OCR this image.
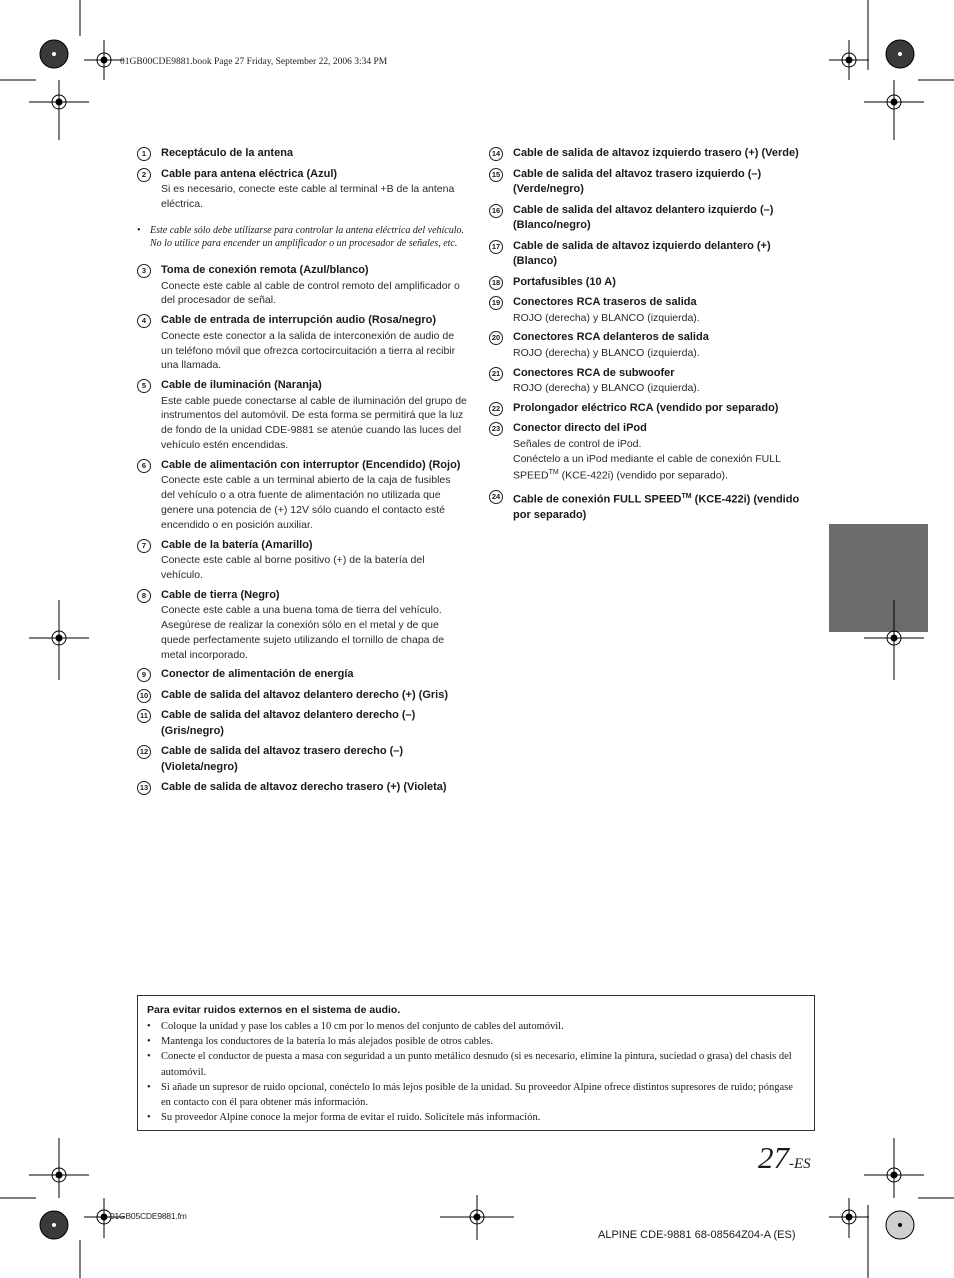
01GB00CDE9881.book Page 27 Friday, September 22, 2006 3:34 PM
1	Receptáculo de la antena
2	Cable para antena eléctrica (Azul)
Si es necesario, conecte este cable al terminal +B de la antena eléctrica.
• Este cable sólo debe utilizarse para controlar la antena eléctrica del vehículo. No lo utilice para encender un amplificador o un procesador de señales, etc.
3	Toma de conexión remota (Azul/blanco)
Conecte este cable al cable de control remoto del amplificador o del procesador de señal.
4	Cable de entrada de interrupción audio (Rosa/negro)
Conecte este conector a la salida de interconexión de audio de un teléfono móvil que ofrezca cortocircuitación a tierra al recibir una llamada.
5	Cable de iluminación (Naranja)
Este cable puede conectarse al cable de iluminación del grupo de instrumentos del automóvil. De esta forma se permitirá que la luz de fondo de la unidad CDE-9881 se atenúe cuando las luces del vehículo estén encendidas.
6	Cable de alimentación con interruptor (Encendido) (Rojo)
Conecte este cable a un terminal abierto de la caja de fusibles del vehículo o a otra fuente de alimentación no utilizada que genere una potencia de (+) 12V sólo cuando el contacto esté encendido o en posición auxiliar.
7	Cable de la batería (Amarillo)
Conecte este cable al borne positivo (+) de la batería del vehículo.
8	Cable de tierra (Negro)
Conecte este cable a una buena toma de tierra del vehículo. Asegúrese de realizar la conexión sólo en el metal y de que quede perfectamente sujeto utilizando el tornillo de chapa de metal incorporado.
9	Conector de alimentación de energía
10 Cable de salida del altavoz delantero derecho (+) (Gris)
11 Cable de salida del altavoz delantero derecho (–) (Gris/negro)
12 Cable de salida del altavoz trasero derecho (–) (Violeta/negro)
13 Cable de salida de altavoz derecho trasero (+) (Violeta)
14 Cable de salida de altavoz izquierdo trasero (+) (Verde)
15 Cable de salida del altavoz trasero izquierdo (–) (Verde/negro)
16 Cable de salida del altavoz delantero izquierdo (–) (Blanco/negro)
17 Cable de salida de altavoz izquierdo delantero (+) (Blanco)
18 Portafusibles (10 A)
19 Conectores RCA traseros de salida
ROJO (derecha) y BLANCO (izquierda).
20 Conectores RCA delanteros de salida
ROJO (derecha) y BLANCO (izquierda).
21 Conectores RCA de subwoofer
ROJO (derecha) y BLANCO (izquierda).
22 Prolongador eléctrico RCA (vendido por separado)
23 Conector directo del iPod
Señales de control de iPod.
Conéctelo a un iPod mediante el cable de conexión FULL
SPEED™ (KCE-422i) (vendido por separado).
24 Cable de conexión FULL SPEED™ (KCE-422i) (vendido por separado)
Para evitar ruidos externos en el sistema de audio.
• Coloque la unidad y pase los cables a 10 cm por lo menos del conjunto de cables del automóvil.
• Mantenga los conductores de la batería lo más alejados posible de otros cables.
• Conecte el conductor de puesta a masa con seguridad a un punto metálico desnudo (si es necesario, elimine la pintura, suciedad o grasa) del chasis del automóvil.
• Si añade un supresor de ruido opcional, conéctelo lo más lejos posible de la unidad. Su proveedor Alpine ofrece distintos supresores de ruido; póngase en contacto con él para obtener más información.
• Su proveedor Alpine conoce la mejor forma de evitar el ruido. Solicítele más información.
27-ES
01GB05CDE9881.fm
ALPINE CDE-9881 68-08564Z04-A (ES)
